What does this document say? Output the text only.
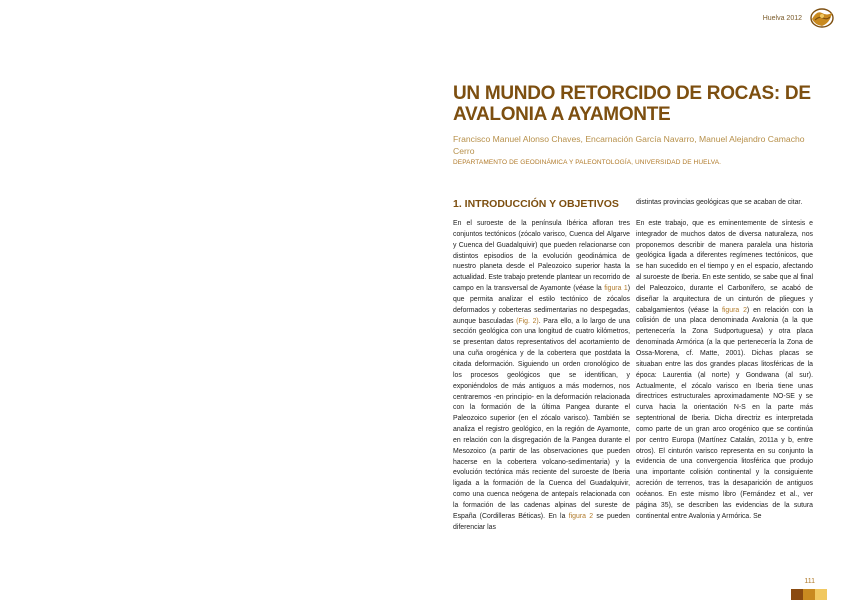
Huelva 2012
UN MUNDO RETORCIDO DE ROCAS: DE AVALONIA A AYAMONTE
Francisco Manuel Alonso Chaves, Encarnación García Navarro, Manuel Alejandro Camacho Cerro
DEPARTAMENTO DE GEODINÁMICA Y PALEONTOLOGÍA, UNIVERSIDAD DE HUELVA.
1. INTRODUCCIÓN Y OBJETIVOS

En el suroeste de la península Ibérica afloran tres conjuntos tectónicos (zócalo varisco, Cuenca del Algarve y Cuenca del Guadalquivir) que pueden relacionarse con distintos episodios de la evolución geodinámica de nuestro planeta desde el Paleozoico superior hasta la actualidad. Este trabajo pretende plantear un recorrido de campo en la transversal de Ayamonte (véase la figura 1) que permita analizar el estilo tectónico de zócalos deformados y coberteras sedimentarias no despegadas, aunque basculadas (Fig. 2). Para ello, a lo largo de una sección geológica con una longitud de cuatro kilómetros, se presentan datos representativos del acortamiento de una cuña orogénica y de la cobertera que postdata la citada deformación. Siguiendo un orden cronológico de los procesos geológicos que se identifican, y exponiéndolos de más antiguos a más modernos, nos centraremos -en principio- en la deformación relacionada con la formación de la última Pangea durante el Paleozoico superior (en el zócalo varisco). También se analiza el registro geológico, en la región de Ayamonte, en relación con la disgregación de la Pangea durante el Mesozoico (a partir de las observaciones que pueden hacerse en la cobertera volcano-sedimentaria) y la evolución tectónica más reciente del suroeste de Iberia ligada a la formación de la Cuenca del Guadalquivir, como una cuenca neógena de antepaís relacionada con la formación de las cadenas alpinas del sureste de España (Cordilleras Béticas). En la figura 2 se pueden diferenciar las

distintas provincias geológicas que se acaban de citar.

En este trabajo, que es eminentemente de síntesis e integrador de muchos datos de diversa naturaleza, nos proponemos describir de manera paralela una historia geológica ligada a diferentes regímenes tectónicos, que se han sucedido en el tiempo y en el espacio, afectando al suroeste de Iberia. En este sentido, se sabe que al final del Paleozoico, durante el Carbonífero, se acabó de diseñar la arquitectura de un cinturón de pliegues y cabalgamientos (véase la figura 2) en relación con la colisión de una placa denominada Avalonia (a la que pertenecería la Zona Sudportuguesa) y otra placa denominada Armórica (a la que pertenecería la Zona de Ossa-Morena, cf. Matte, 2001). Dichas placas se situaban entre las dos grandes placas litosféricas de la época: Laurentia (al norte) y Gondwana (al sur). Actualmente, el zócalo varisco en Iberia tiene unas directrices estructurales aproximadamente NO-SE y se curva hacia la orientación N-S en la parte más septentrional de Iberia. Dicha directriz es interpretada como parte de un gran arco orogénico que se continúa por centro Europa (Martínez Catalán, 2011a y b, entre otros). El cinturón varisco representa en su conjunto la evidencia de una convergencia litosférica que produjo una importante colisión continental y la consiguiente acreción de terrenos, tras la desaparición de antiguos océanos. En este mismo libro (Fernández et al., ver página 35), se describen las evidencias de la sutura continental entre Avalonia y Armórica. Se

111
